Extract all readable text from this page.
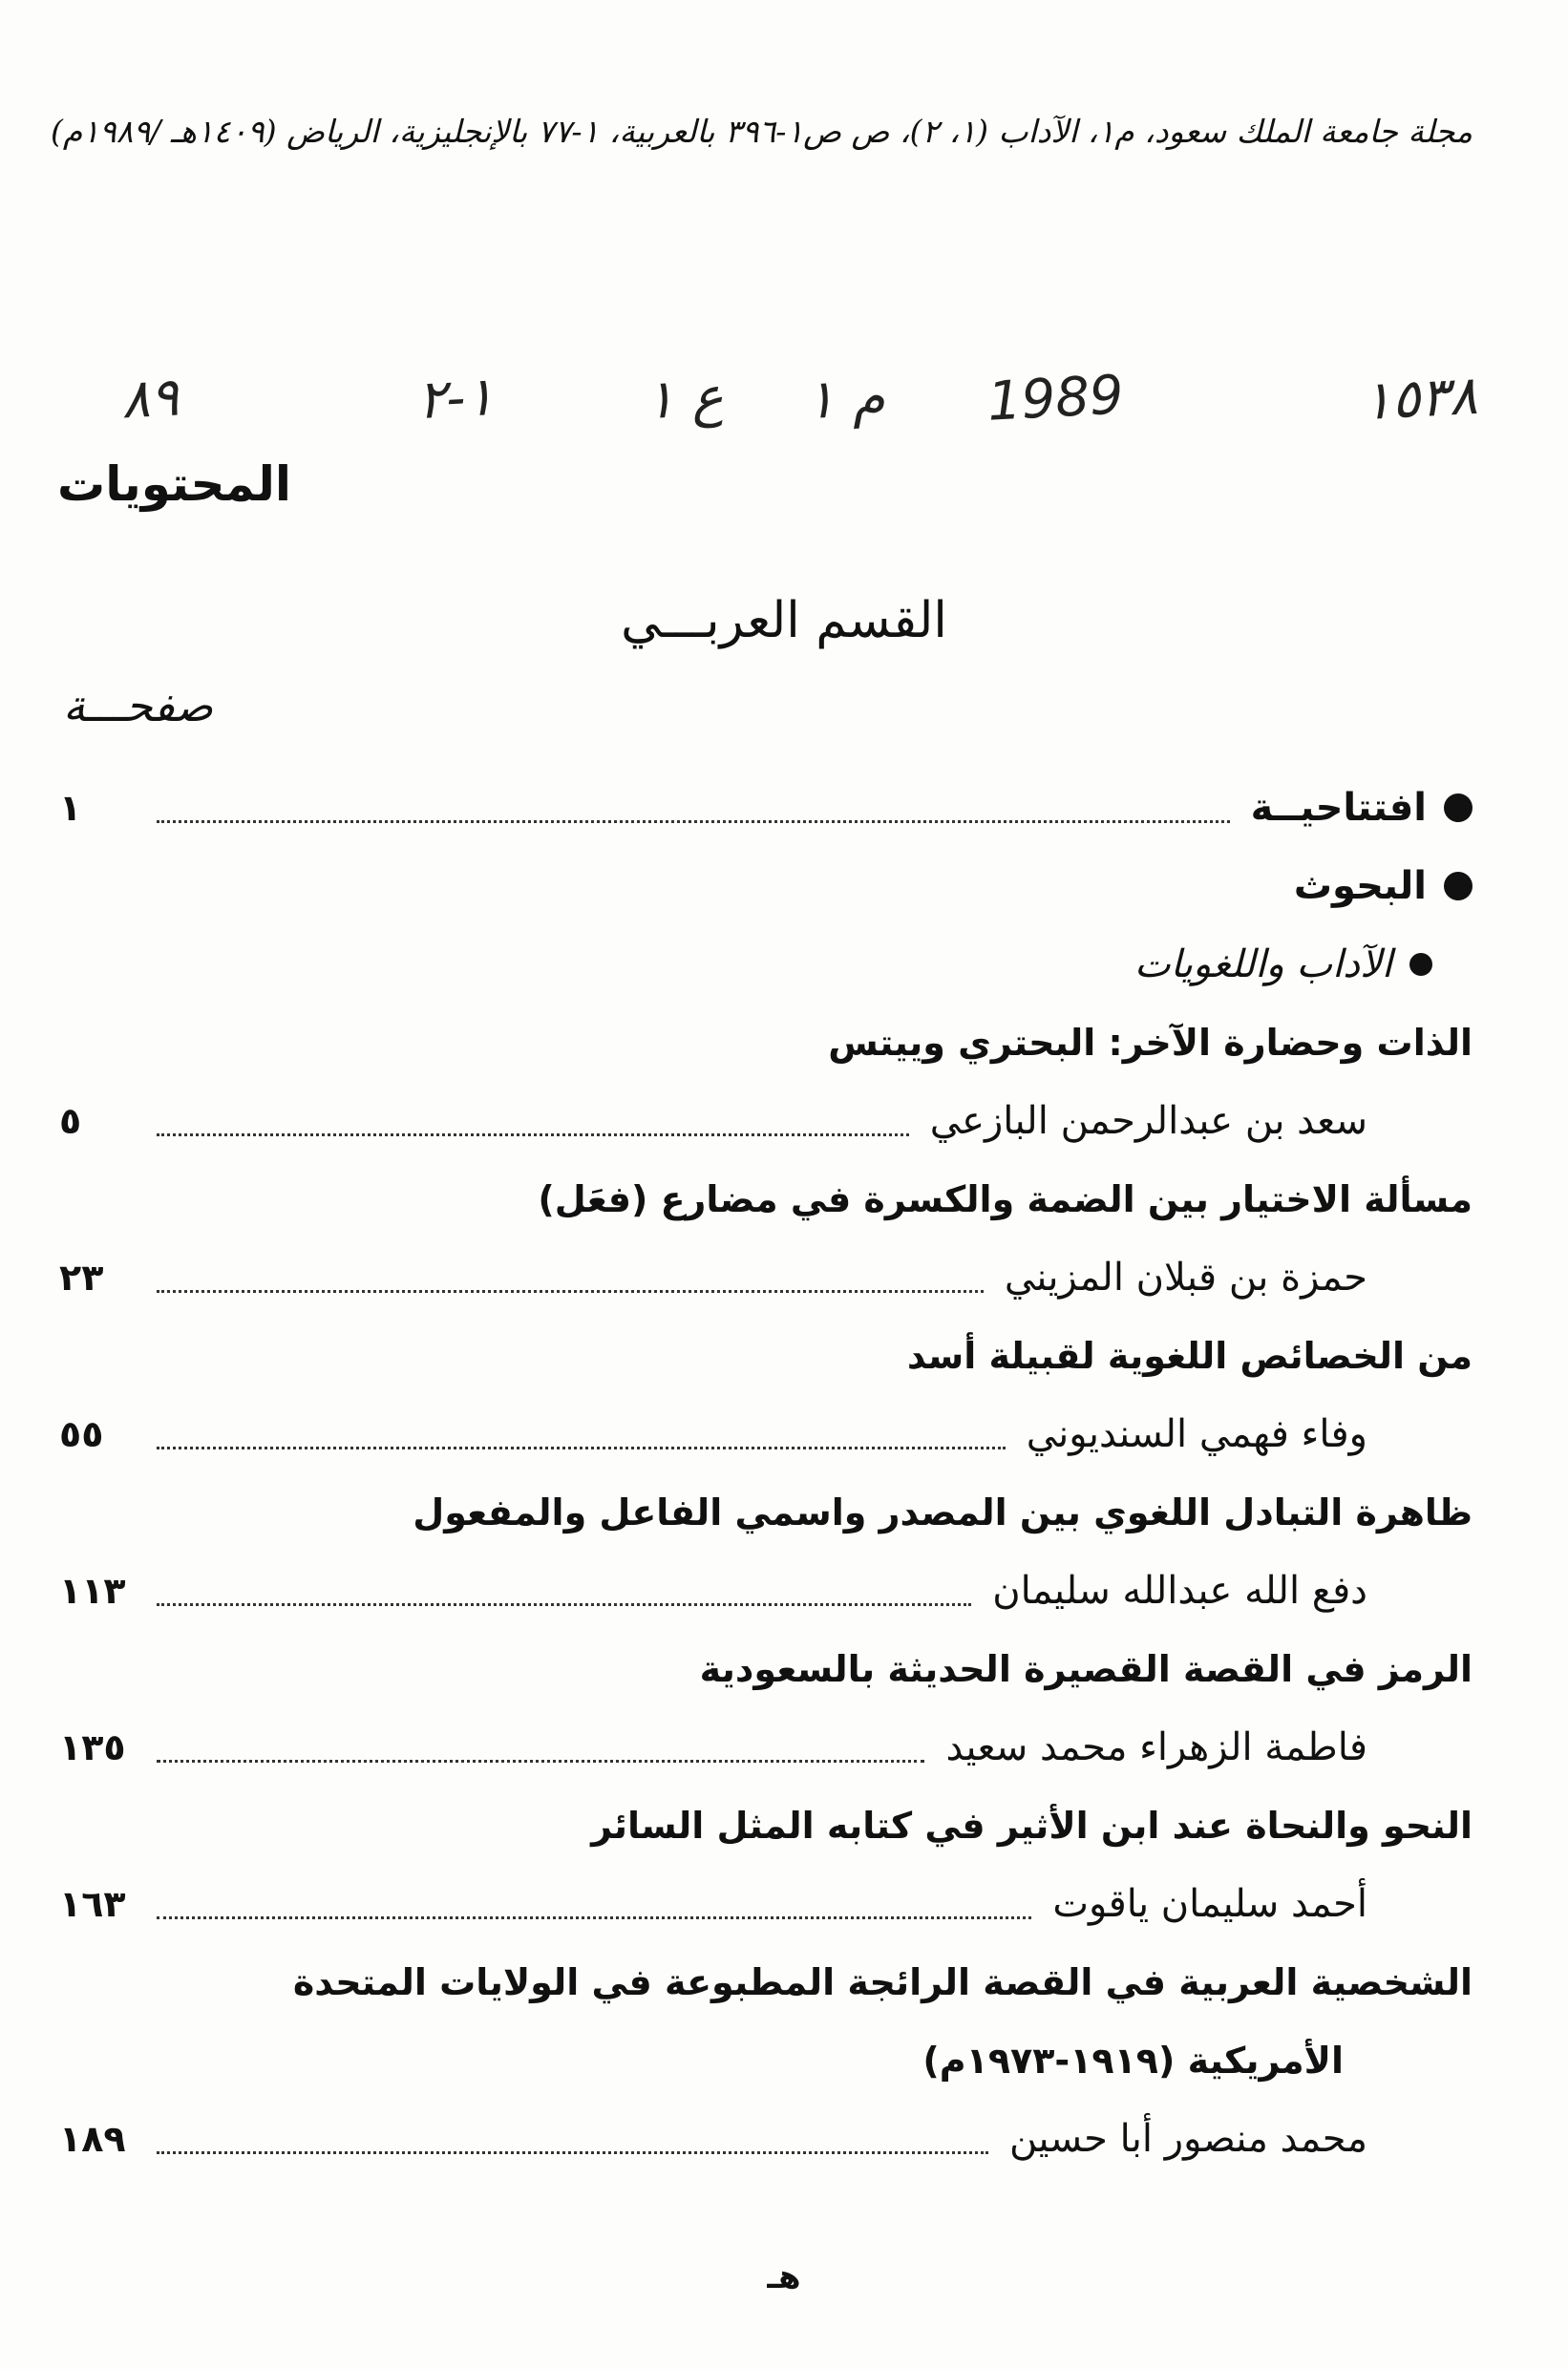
مجلة جامعة الملك سعود، م١، الآداب (١، ٢)، ص ص١-٣٩٦ بالعربية، ١-٧٧ بالإنجليزية، الرياض (١٤٠٩هـ /١٩٨٩م)
١٥٣٨
1989
م ١
ع ١
١-٢
٨٩
المحتويات
القسم العربـــي
صفحـــة
افتتاحيــة
١
البحوث
الآداب واللغويات
الذات وحضارة الآخر: البحتري وييتس
سعد بن عبدالرحمن البازعي
٥
مسألة الاختيار بين الضمة والكسرة في مضارع (فعَل)
حمزة بن قبلان المزيني
٢٣
من الخصائص اللغوية لقبيلة أسد
وفاء فهمي السنديوني
٥٥
ظاهرة التبادل اللغوي بين المصدر واسمي الفاعل والمفعول
دفع الله عبدالله سليمان
١١٣
الرمز في القصة القصيرة الحديثة بالسعودية
فاطمة الزهراء محمد سعيد
١٣٥
النحو والنحاة عند ابن الأثير في كتابه المثل السائر
أحمد سليمان ياقوت
١٦٣
الشخصية العربية في القصة الرائجة المطبوعة في الولايات المتحدة
الأمريكية (١٩١٩-١٩٧٣م)
محمد منصور أبا حسين
١٨٩
هـ
